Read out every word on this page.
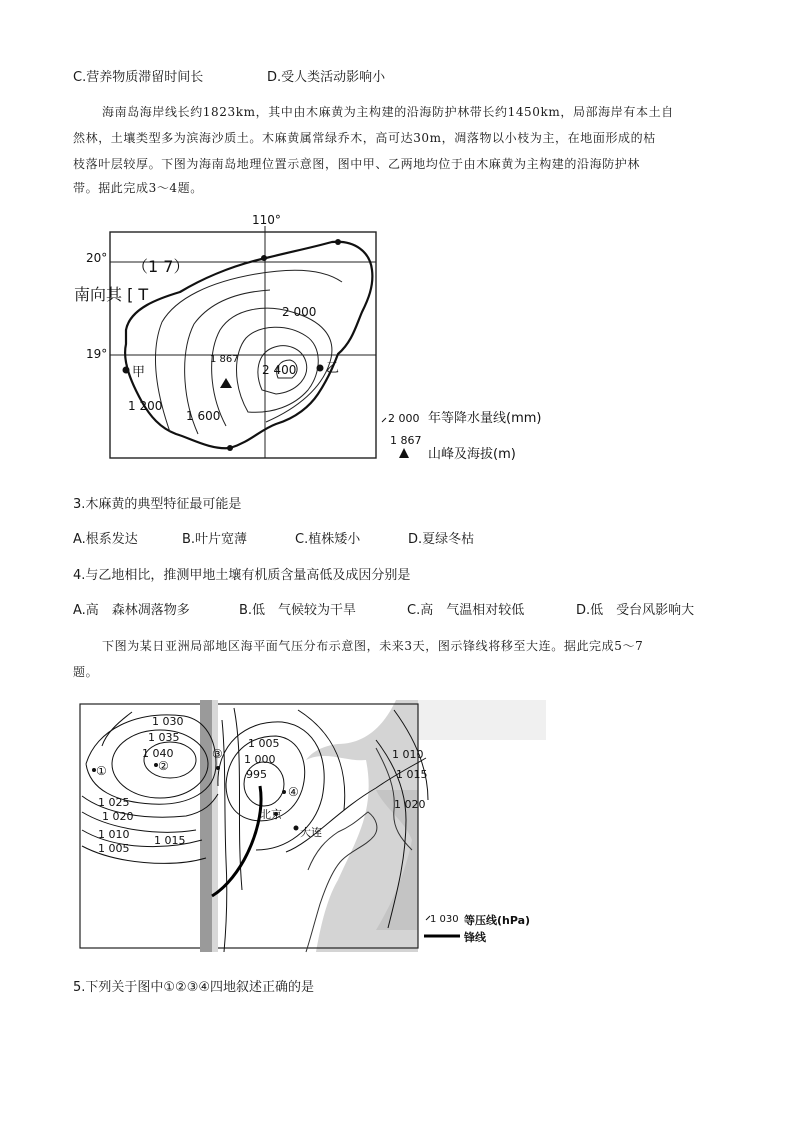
C.营养物质滞留时间长	D.受人类活动影响小
海南岛海岸线长约1823km，其中由木麻黄为主构建的沿海防护林带长约1450km，局部海岸有本土自
然林，土壤类型多为滨海沙质土。木麻黄属常绿乔木，高可达30m，凋落物以小枝为主，在地面形成的枯
枝落叶层较厚。下图为海南岛地理位置示意图，图中甲、乙两地均位于由木麻黄为主构建的沿海防护林
带。据此完成3～4题。
（1 7）
南向其 [ T
110°
20°
19°
2 000
2 400
1 200
1 600
1 867
甲	乙
2 000 年等降水量线(mm)
1 867
山峰及海拔(m)
3.木麻黄的典型特征最可能是
A.根系发达	B.叶片宽薄	C.植株矮小	D.夏绿冬枯
4.与乙地相比，推测甲地土壤有机质含量高低及成因分别是
A.高　森林凋落物多	B.低　气候较为干旱	C.高　气温相对较低	D.低　受台风影响大
下图为某日亚洲局部地区海平面气压分布示意图，未来3天，图示锋线将移至大连。据此完成5～7
题。
1 030
1 035
1 040
1 025
1 020
1 010
1 005
1 015
1 005
1 000
995
1 010
1 015
1 020
①	②
③
④
北京
大连
1 030 等压线(hPa)
锋线
5.下列关于图中①②③④四地叙述正确的是
